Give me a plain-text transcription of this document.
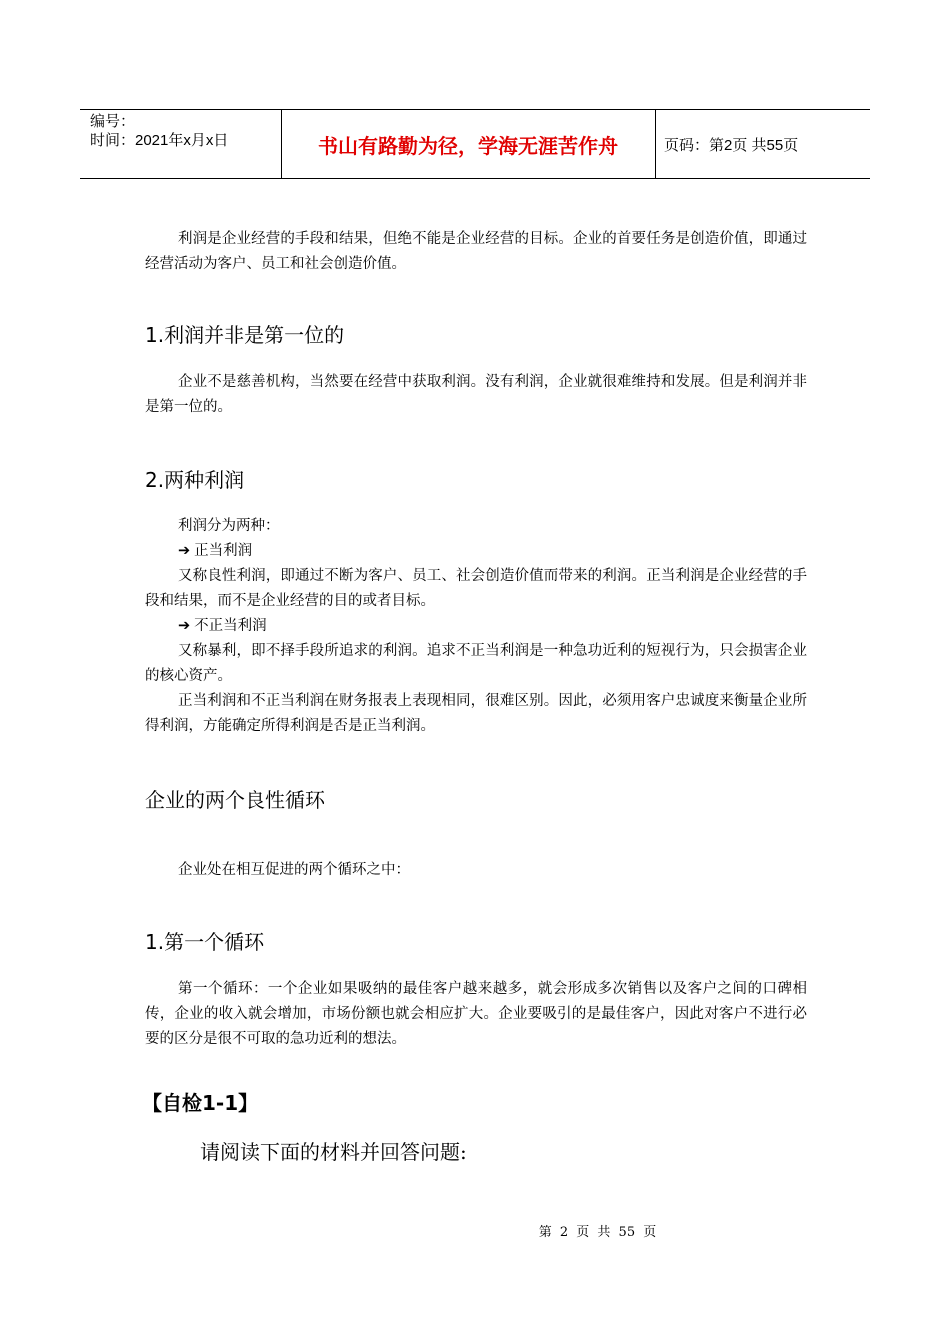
编号：
时间：2021年x月x日	书山有路勤为径，学海无涯苦作舟	页码：第2页 共55页
利润是企业经营的手段和结果，但绝不能是企业经营的目标。企业的首要任务是创造价值，即通过经营活动为客户、员工和社会创造价值。
1.利润并非是第一位的
企业不是慈善机构，当然要在经营中获取利润。没有利润，企业就很难维持和发展。但是利润并非是第一位的。
2.两种利润
利润分为两种：
➔ 正当利润
又称良性利润，即通过不断为客户、员工、社会创造价值而带来的利润。正当利润是企业经营的手段和结果，而不是企业经营的目的或者目标。
➔ 不正当利润
又称暴利，即不择手段所追求的利润。追求不正当利润是一种急功近利的短视行为，只会损害企业的核心资产。
正当利润和不正当利润在财务报表上表现相同，很难区别。因此，必须用客户忠诚度来衡量企业所得利润，方能确定所得利润是否是正当利润。
企业的两个良性循环
企业处在相互促进的两个循环之中：
1.第一个循环
第一个循环：一个企业如果吸纳的最佳客户越来越多，就会形成多次销售以及客户之间的口碑相传，企业的收入就会增加，市场份额也就会相应扩大。企业要吸引的是最佳客户，因此对客户不进行必要的区分是很不可取的急功近利的想法。
【自检1-1】
请阅读下面的材料并回答问题:
第 2 页 共 55 页
